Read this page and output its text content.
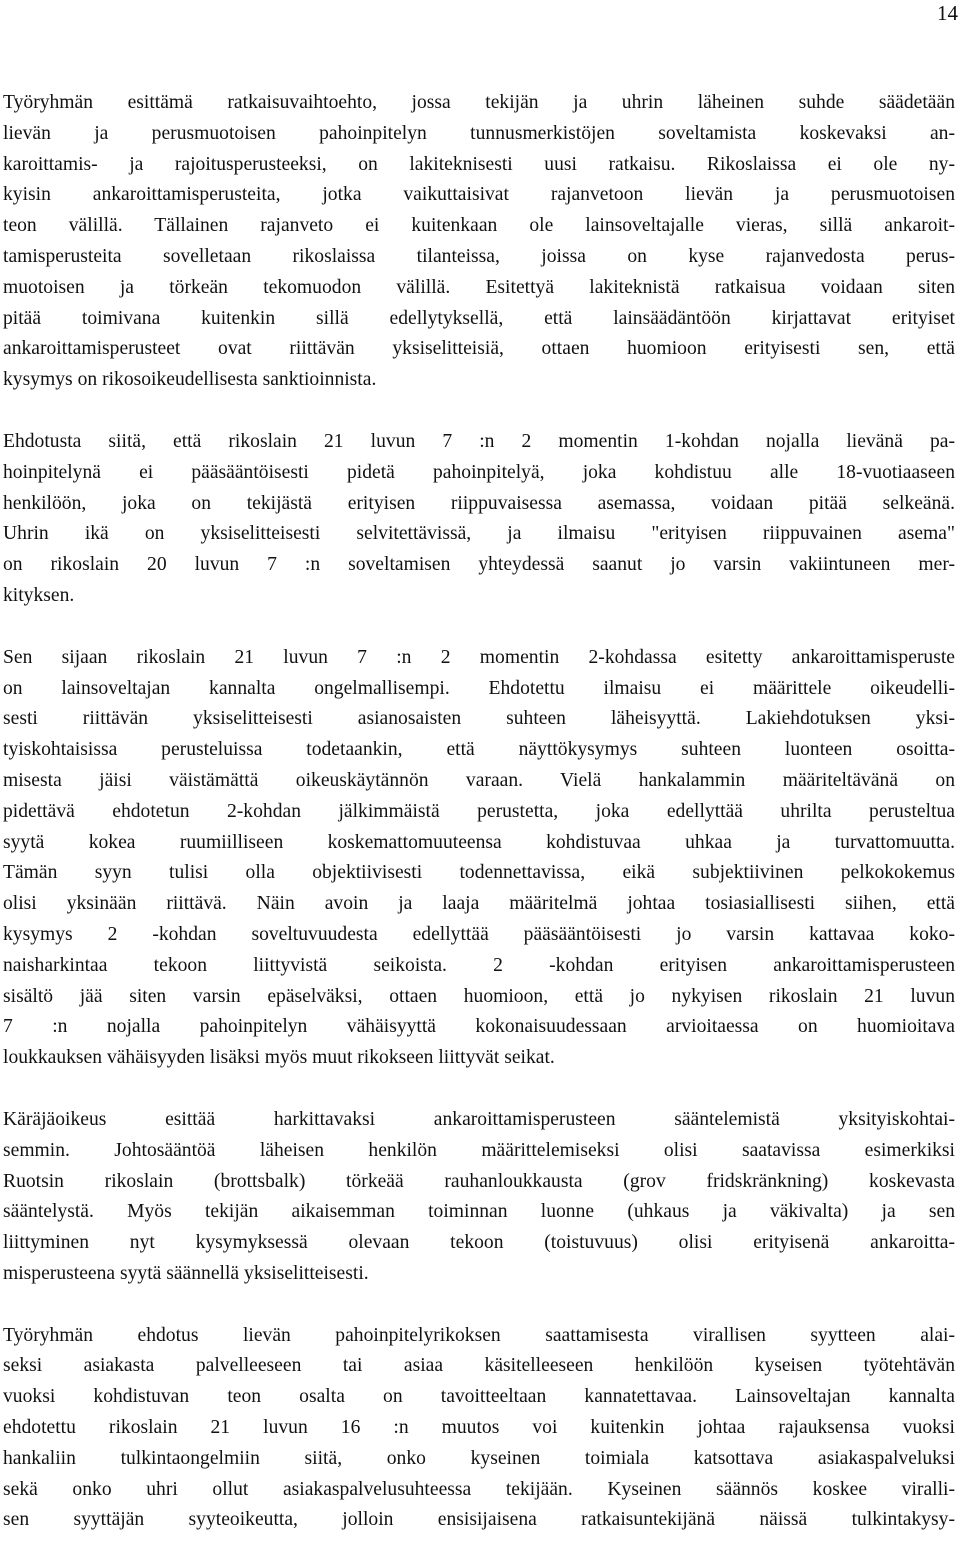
14

Työryhmän esittämä ratkaisuvaihtoehto, jossa tekijän ja uhrin läheinen suhde säädetään
lievän ja perusmuotoisen pahoinpitelyn tunnusmerkistöjen soveltamista koskevaksi an-
karoittamis- ja rajoitusperusteeksi, on lakiteknisesti uusi ratkaisu. Rikoslaissa ei ole ny-
kyisin ankaroittamisperusteita, jotka vaikuttaisivat rajanvetoon lievän ja perusmuotoisen
teon välillä. Tällainen rajanveto ei kuitenkaan ole lainsoveltajalle vieras, sillä ankaroit-
tamisperusteita sovelletaan rikoslaissa tilanteissa, joissa on kyse rajanvedosta perus-
muotoisen ja törkeän tekomuodon välillä. Esitettyä lakiteknistä ratkaisua voidaan siten
pitää toimivana kuitenkin sillä edellytyksellä, että lainsäädäntöön kirjattavat erityiset
ankaroittamisperusteet ovat riittävän yksiselitteisiä, ottaen huomioon erityisesti sen, että
kysymys on rikosoikeudellisesta sanktioinnista.

Ehdotusta siitä, että rikoslain 21 luvun 7 :n 2 momentin 1-kohdan nojalla lievänä pa-
hoinpitelynä ei pääsääntöisesti pidetä pahoinpitelyä, joka kohdistuu alle 18-vuotiaaseen
henkilöön, joka on tekijästä erityisen riippuvaisessa asemassa, voidaan pitää selkeänä.
Uhrin ikä on yksiselitteisesti selvitettävissä, ja ilmaisu "erityisen riippuvainen asema"
on rikoslain 20 luvun 7 :n soveltamisen yhteydessä saanut jo varsin vakiintuneen mer-
kityksen.

Sen sijaan rikoslain 21 luvun 7 :n 2 momentin 2-kohdassa esitetty ankaroittamisperuste
on lainsoveltajan kannalta ongelmallisempi. Ehdotettu ilmaisu ei määrittele oikeudelli-
sesti riittävän yksiselitteisesti asianosaisten suhteen läheisyyttä. Lakiehdotuksen yksi-
tyiskohtaisissa perusteluissa todetaankin, että näyttökysymys suhteen luonteen osoitta-
misesta jäisi väistämättä oikeuskäytännön varaan. Vielä hankalammin määriteltävänä on
pidettävä ehdotetun 2-kohdan jälkimmäistä perustetta, joka edellyttää uhrilta perusteltua
syytä kokea ruumiilliseen koskemattomuuteensa kohdistuvaa uhkaa ja turvattomuutta.
Tämän syyn tulisi olla objektiivisesti todennettavissa, eikä subjektiivinen pelkokokemus
olisi yksinään riittävä. Näin avoin ja laaja määritelmä johtaa tosiasiallisesti siihen, että
kysymys 2 -kohdan soveltuvuudesta edellyttää pääsääntöisesti jo varsin kattavaa koko-
naisharkintaa tekoon liittyvistä seikoista. 2 -kohdan erityisen ankaroittamisperusteen
sisältö jää siten varsin epäselväksi, ottaen huomioon, että jo nykyisen rikoslain 21 luvun
7 :n nojalla pahoinpitelyn vähäisyyttä kokonaisuudessaan arvioitaessa on huomioitava
loukkauksen vähäisyyden lisäksi myös muut rikokseen liittyvät seikat.

Käräjäoikeus esittää harkittavaksi ankaroittamisperusteen sääntelemistä yksityiskohtai-
semmin. Johtosääntöä läheisen henkilön määrittelemiseksi olisi saatavissa esimerkiksi
Ruotsin rikoslain (brottsbalk) törkeää rauhanloukkausta (grov fridskränkning) koskevasta
sääntelystä. Myös tekijän aikaisemman toiminnan luonne (uhkaus ja väkivalta) ja sen
liittyminen nyt kysymyksessä olevaan tekoon (toistuvuus) olisi erityisenä ankaroitta-
misperusteena syytä säännellä yksiselitteisesti.

Työryhmän ehdotus lievän pahoinpitelyrikoksen saattamisesta virallisen syytteen alai-
seksi asiakasta palvelleeseen tai asiaa käsitelleeseen henkilöön kyseisen työtehtävän
vuoksi kohdistuvan teon osalta on tavoitteeltaan kannatettavaa. Lainsoveltajan kannalta
ehdotettu rikoslain 21 luvun 16 :n muutos voi kuitenkin johtaa rajauksensa vuoksi
hankaliin tulkintaongelmiin siitä, onko kyseinen toimiala katsottava asiakaspalveluksi
sekä onko uhri ollut asiakaspalvelusuhteessa tekijään. Kyseinen säännös koskee viralli-
sen syyttäjän syyteoikeutta, jolloin ensisijaisena ratkaisuntekijänä näissä tulkintakysy-
